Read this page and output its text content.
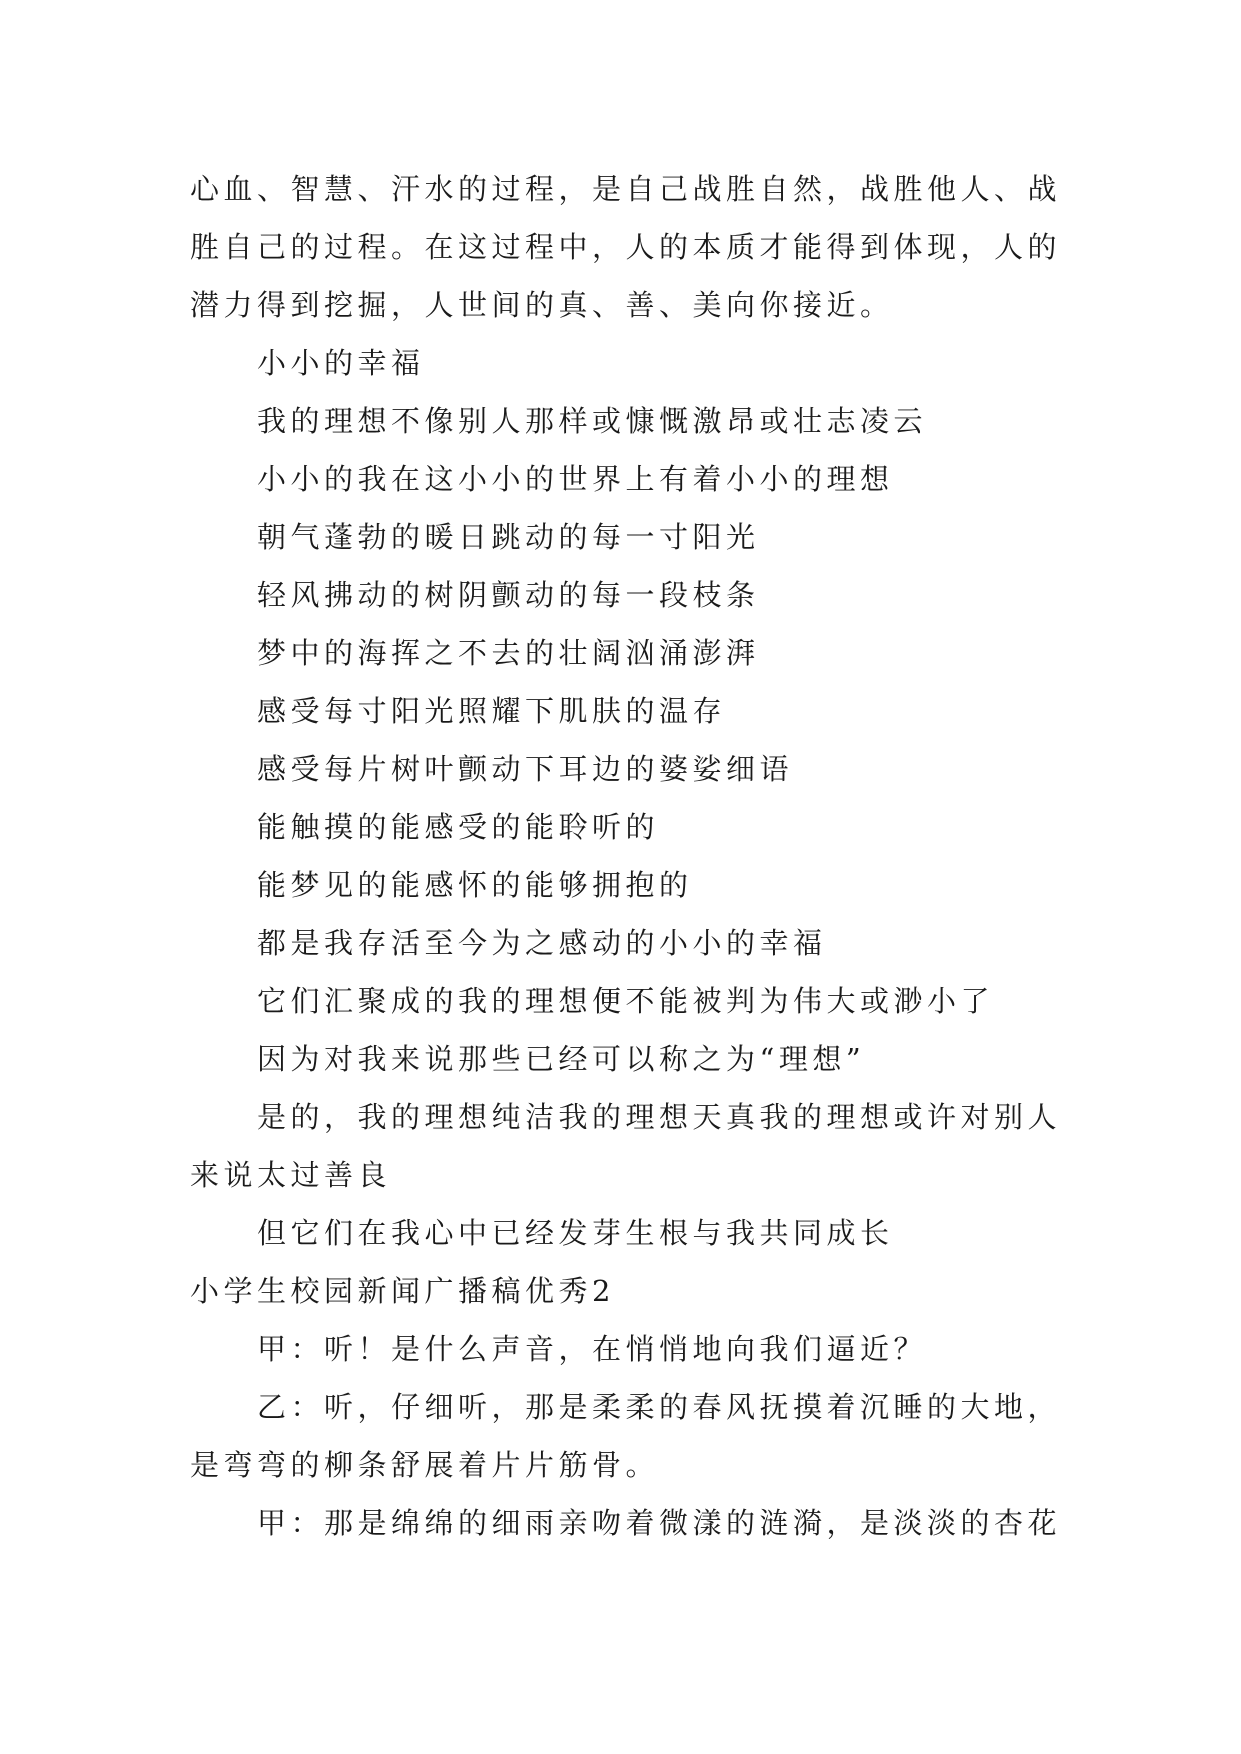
心血、智慧、汗水的过程，是自己战胜自然，战胜他人、战
胜自己的过程。在这过程中，人的本质才能得到体现，人的
潜力得到挖掘，人世间的真、善、美向你接近。
小小的幸福
我的理想不像别人那样或慷慨激昂或壮志凌云
小小的我在这小小的世界上有着小小的理想
朝气蓬勃的暖日跳动的每一寸阳光
轻风拂动的树阴颤动的每一段枝条
梦中的海挥之不去的壮阔汹涌澎湃
感受每寸阳光照耀下肌肤的温存
感受每片树叶颤动下耳边的婆娑细语
能触摸的能感受的能聆听的
能梦见的能感怀的能够拥抱的
都是我存活至今为之感动的小小的幸福
它们汇聚成的我的理想便不能被判为伟大或渺小了
因为对我来说那些已经可以称之为“理想”
是的，我的理想纯洁我的理想天真我的理想或许对别人
来说太过善良
但它们在我心中已经发芽生根与我共同成长
小学生校园新闻广播稿优秀2
甲：听！是什么声音，在悄悄地向我们逼近？
乙：听，仔细听，那是柔柔的春风抚摸着沉睡的大地，
是弯弯的柳条舒展着片片筋骨。
甲：那是绵绵的细雨亲吻着微漾的涟漪，是淡淡的杏花
